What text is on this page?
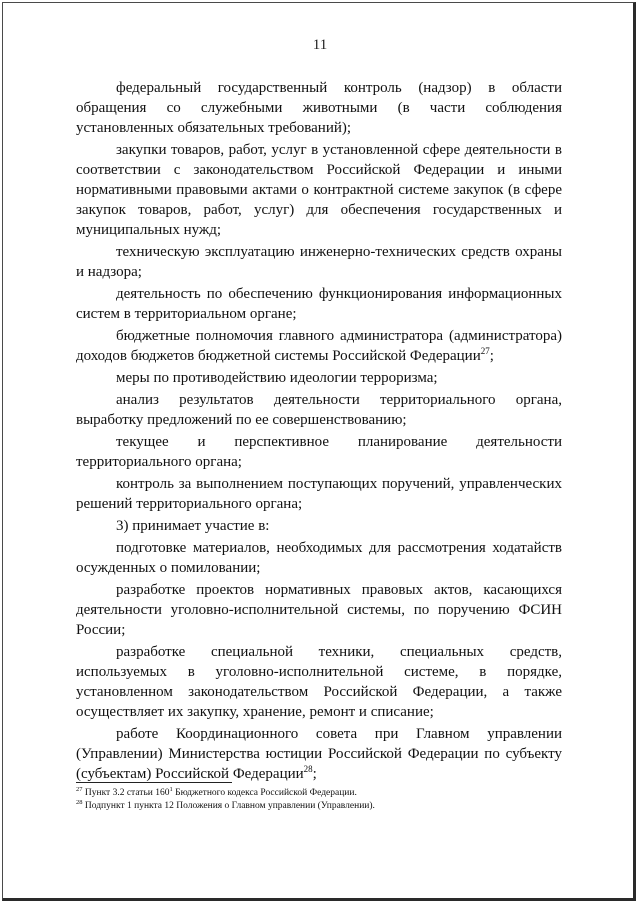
11

федеральный государственный контроль (надзор) в области обращения со служебными животными (в части соблюдения установленных обязательных требований);

закупки товаров, работ, услуг в установленной сфере деятельности в соответствии с законодательством Российской Федерации и иными нормативными правовыми актами о контрактной системе закупок (в сфере закупок товаров, работ, услуг) для обеспечения государственных и муниципальных нужд;

техническую эксплуатацию инженерно-технических средств охраны и надзора;

деятельность по обеспечению функционирования информационных систем в территориальном органе;

бюджетные полномочия главного администратора (администратора) доходов бюджетов бюджетной системы Российской Федерации$^{27}$;

меры по противодействию идеологии терроризма;

анализ результатов деятельности территориального органа, выработку предложений по ее совершенствованию;

текущее и перспективное планирование деятельности территориального органа;

контроль за выполнением поступающих поручений, управленческих решений территориального органа;

3) принимает участие в:

подготовке материалов, необходимых для рассмотрения ходатайств осужденных о помиловании;

разработке проектов нормативных правовых актов, касающихся деятельности уголовно-исполнительной системы, по поручению ФСИН России;

разработке специальной техники, специальных средств, используемых в уголовно-исполнительной системе, в порядке, установленном законодательством Российской Федерации, а также осуществляет их закупку, хранение, ремонт и списание;

работе Координационного совета при Главном управлении (Управлении) Министерства юстиции Российской Федерации по субъекту (субъектам) Российской Федерации$^{28}$;

$^{27}$ Пункт 3.2 статьи $160^1$ Бюджетного кодекса Российской Федерации.

$^{28}$ Подпункт 1 пункта 12 Положения о Главном управлении (Управлении).
